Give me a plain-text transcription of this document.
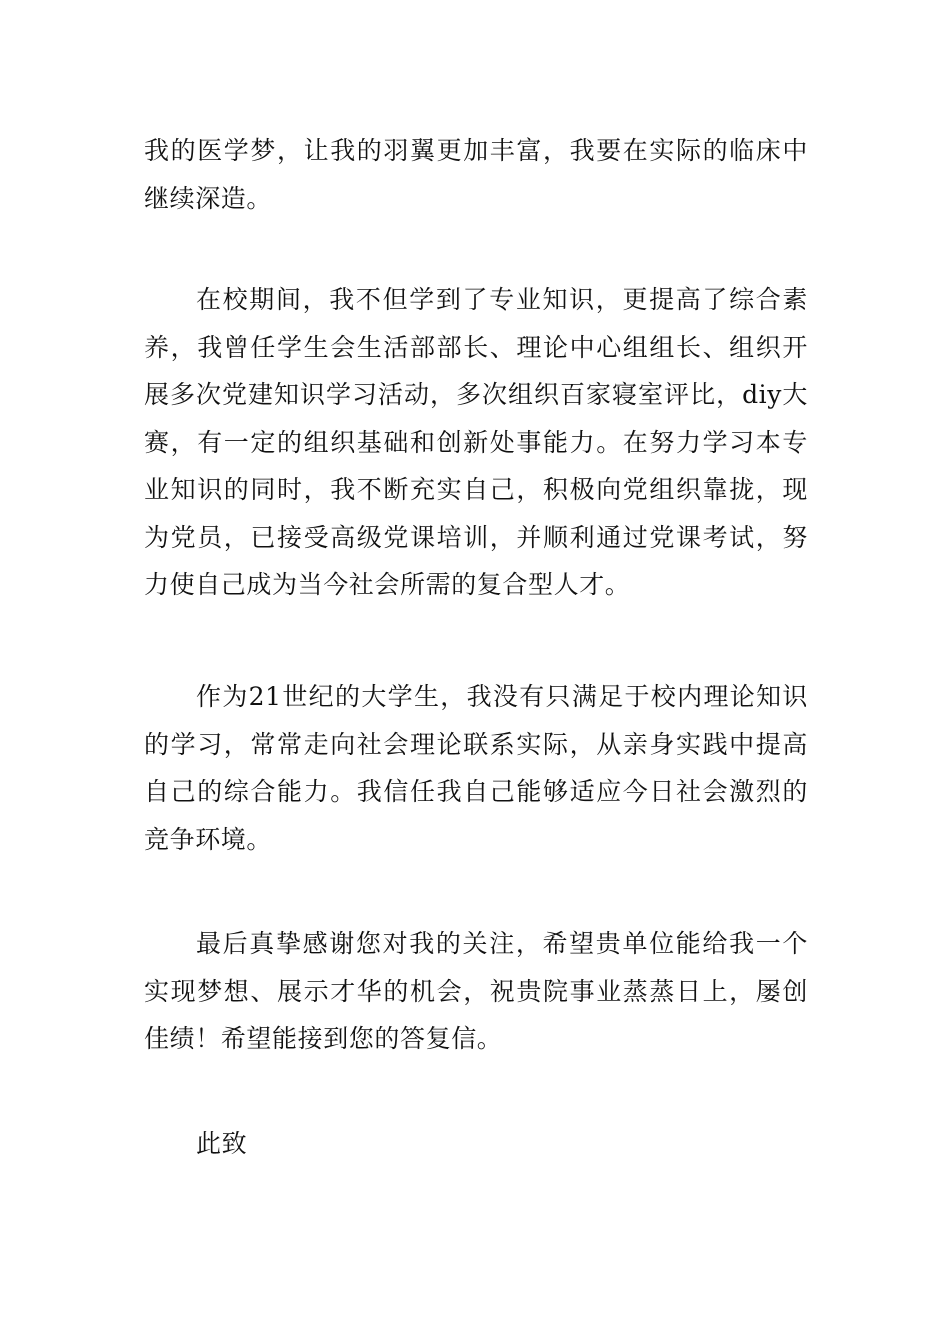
我的医学梦，让我的羽翼更加丰富，我要在实际的临床中继续深造。

在校期间，我不但学到了专业知识，更提高了综合素养，我曾任学生会生活部部长、理论中心组组长、组织开展多次党建知识学习活动，多次组织百家寝室评比，diy大赛，有一定的组织基础和创新处事能力。在努力学习本专业知识的同时，我不断充实自己，积极向党组织靠拢，现为党员，已接受高级党课培训，并顺利通过党课考试，努力使自己成为当今社会所需的复合型人才。

作为21世纪的大学生，我没有只满足于校内理论知识的学习，常常走向社会理论联系实际，从亲身实践中提高自己的综合能力。我信任我自己能够适应今日社会激烈的竞争环境。

最后真挚感谢您对我的关注，希望贵单位能给我一个实现梦想、展示才华的机会，祝贵院事业蒸蒸日上，屡创佳绩！希望能接到您的答复信。

此致
